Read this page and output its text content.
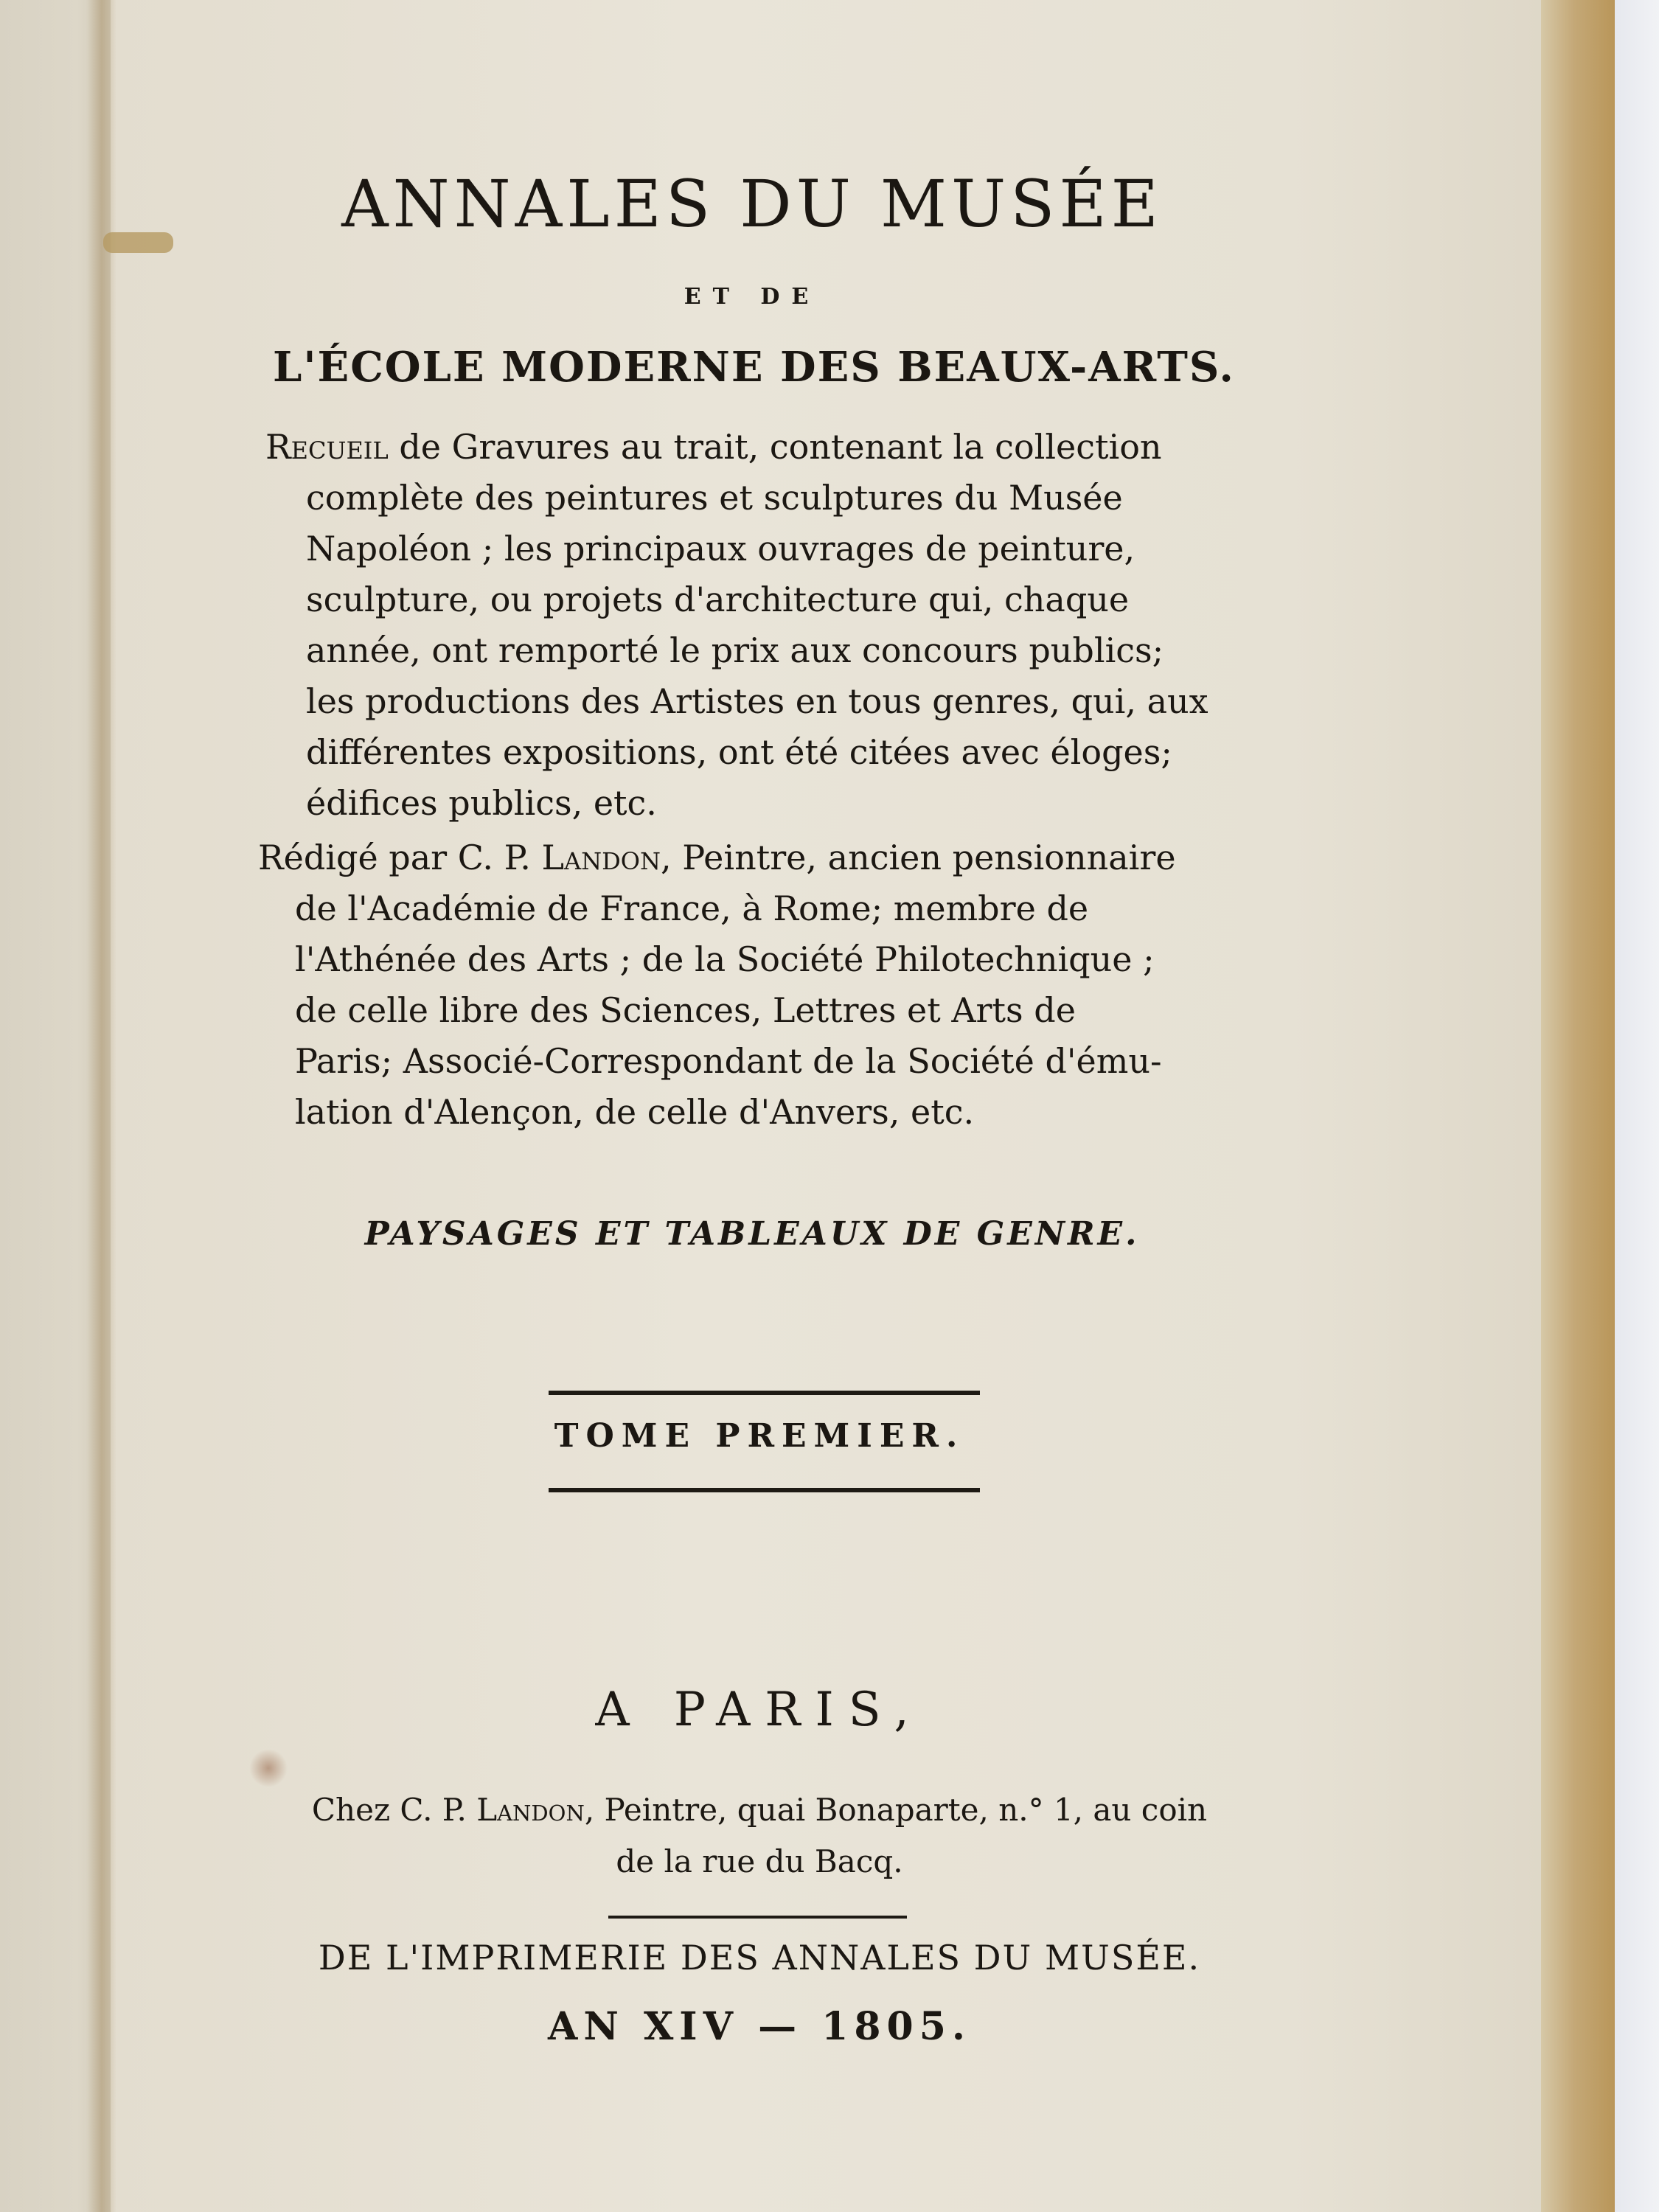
ANNALES DU MUSÉE

ET DE

L'ÉCOLE MODERNE DES BEAUX-ARTS.
Recueil de Gravures au trait, contenant la collection
complète des peintures et sculptures du Musée
Napoléon ; les principaux ouvrages de peinture,
sculpture, ou projets d'architecture qui, chaque
année, ont remporté le prix aux concours publics;
les productions des Artistes en tous genres, qui, aux
différentes expositions, ont été citées avec éloges;
édifices publics, etc.
Rédigé par C. P. Landon, Peintre, ancien pensionnaire
de l'Académie de France, à Rome; membre de
l'Athénée des Arts ; de la Société Philotechnique ;
de celle libre des Sciences, Lettres et Arts de
Paris; Associé-Correspondant de la Société d'ému-
lation d'Alençon, de celle d'Anvers, etc.

PAYSAGES ET TABLEAUX DE GENRE.

TOME PREMIER.

A PARIS,

Chez C. P. Landon, Peintre, quai Bonaparte, n.° 1, au coin

de la rue du Bacq.

DE L'IMPRIMERIE DES ANNALES DU MUSÉE.

AN XIV — 1805.
